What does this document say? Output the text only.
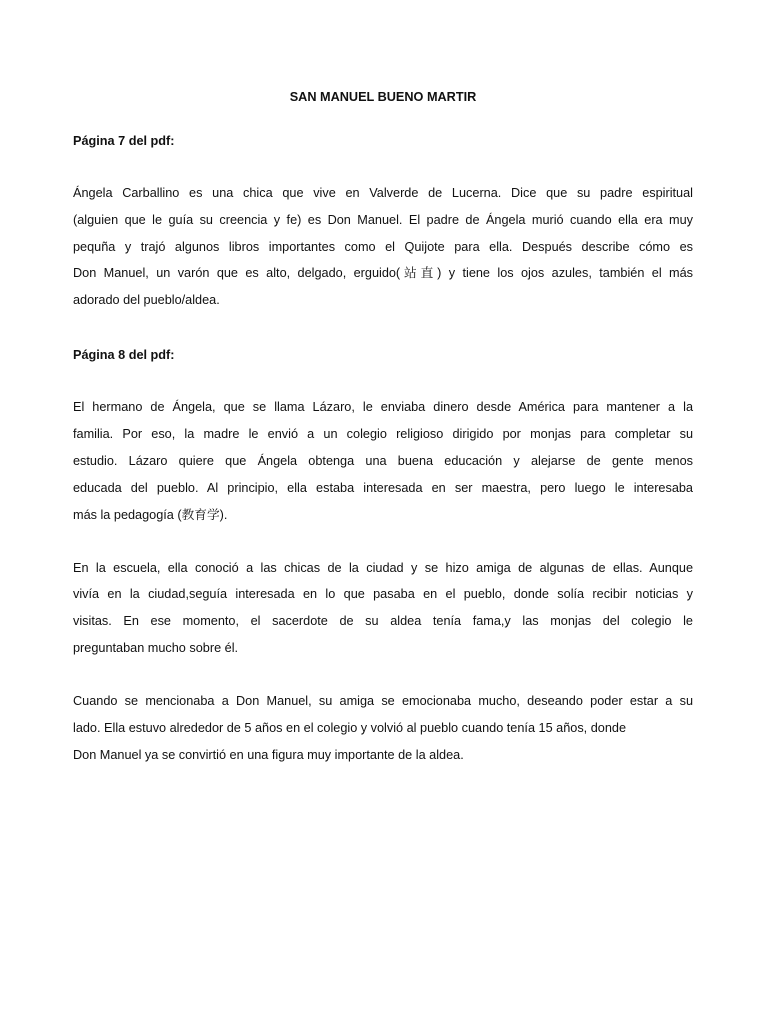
SAN MANUEL BUENO MARTIR
Página 7 del pdf:
Ángela Carballino es una chica que vive en Valverde de Lucerna. Dice que su padre espiritual
(alguien que le guía su creencia y fe) es Don Manuel. El padre de Ángela murió cuando ella era muy
pequña y trajó algunos libros importantes como el Quijote para ella. Después describe cómo es
Don Manuel, un varón que es alto, delgado, erguido(站直) y tiene los ojos azules, también el más
adorado del pueblo/aldea.
Página 8 del pdf:
El hermano de Ángela, que se llama Lázaro, le enviaba dinero desde América para mantener a la
familia. Por eso, la madre le envió a un colegio religioso dirigido por monjas para completar su
estudio. Lázaro quiere que Ángela obtenga una buena educación y alejarse de gente menos
educada del pueblo. Al principio, ella estaba interesada en ser maestra, pero luego le interesaba
más la pedagogía (教育学).
En la escuela, ella conoció a las chicas de la ciudad y se hizo amiga de algunas de ellas. Aunque
vivía en la ciudad,seguía interesada en lo que pasaba en el pueblo, donde solía recibir noticias y
visitas. En ese momento, el sacerdote de su aldea tenía fama,y las monjas del colegio le
preguntaban mucho sobre él.
Cuando se mencionaba a Don Manuel, su amiga se emocionaba mucho, deseando poder estar a su
lado. Ella estuvo alrededor de 5 años en el colegio y volvió al pueblo cuando tenía 15 años, donde
Don Manuel ya se convirtió en una figura muy importante de la aldea.
